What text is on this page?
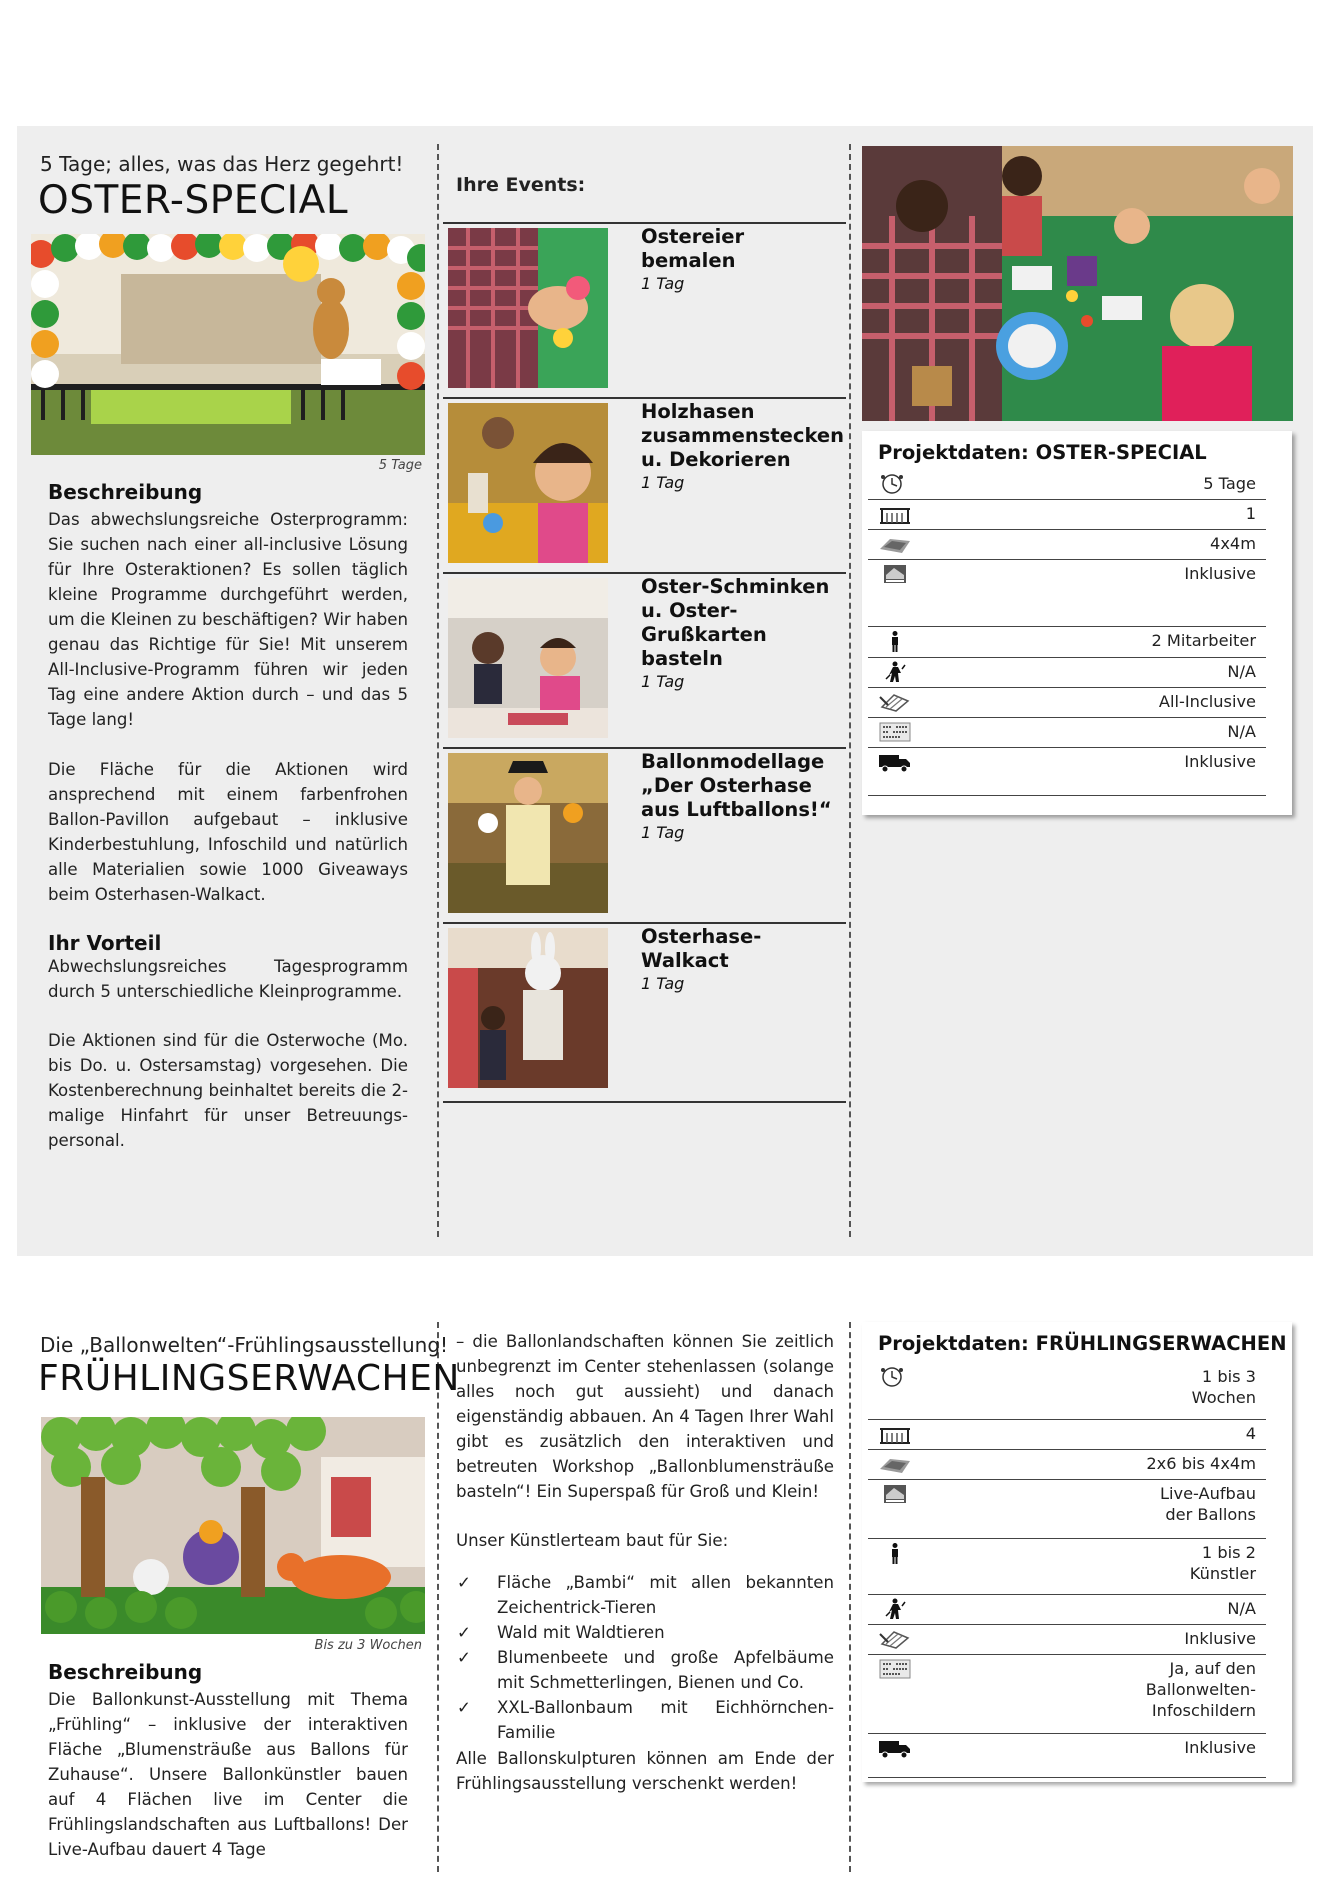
5 Tage; alles, was das Herz gegehrt!
OSTER-SPECIAL
5 Tage
Beschreibung
Das abwechslungsreiche Osterprogramm: Sie suchen nach einer all-inclusive Lösung für Ihre Osteraktionen? Es sollen täglich kleine Programme durchgeführt werden, um die Kleinen zu beschäftigen? Wir haben genau das Richtige für Sie! Mit unserem All-Inclusive-Programm führen wir jeden Tag eine andere Aktion durch – und das 5 Tage lang!
Die Fläche für die Aktionen wird ansprechend mit einem farbenfrohen Ballon-Pavillon aufgebaut – inklusive Kinderbestuhlung, Infoschild und natürlich alle Materialien sowie 1000 Giveaways beim Osterhasen-Walkact.
Ihr Vorteil
Abwechslungsreiches Tagesprogramm durch 5 unterschiedliche Kleinprogramme.
Die Aktionen sind für die Osterwoche (Mo. bis Do. u. Ostersamstag) vorgesehen. Die Kostenberechnung beinhaltet bereits die 2-malige Hinfahrt für unser Betreuungs-personal.
Ihre Events:
Ostereier bemalen
1 Tag
Holzhasen zusammenstecken u. Dekorieren
1 Tag
Oster-Schminken u. Oster-Grußkarten basteln
1 Tag
Ballonmodellage „Der Osterhase aus Luftballons!“
1 Tag
Osterhase-Walkact
1 Tag
Projektdaten: OSTER-SPECIAL
5 Tage
1
4x4m
Inklusive
2 Mitarbeiter
N/A
All-Inclusive
N/A
Inklusive
Die „Ballonwelten“-Frühlingsausstellung!
FRÜHLINGSERWACHEN
Bis zu 3 Wochen
Beschreibung
Die Ballonkunst-Ausstellung mit Thema „Frühling“ – inklusive der interaktiven Fläche „Blumensträuße aus Ballons für Zuhause“. Unsere Ballonkünstler bauen auf 4 Flächen live im Center die Frühlingslandschaften aus Luftballons! Der Live-Aufbau dauert 4 Tage
– die Ballonlandschaften können Sie zeitlich unbegrenzt im Center stehenlassen (solange alles noch gut aussieht) und danach eigenständig abbauen. An 4 Tagen Ihrer Wahl gibt es zusätzlich den interaktiven und betreuten Workshop „Ballonblumensträuße basteln“! Ein Superspaß für Groß und Klein!
Unser Künstlerteam baut für Sie:
✓ Fläche „Bambi“ mit allen bekannten Zeichentrick-Tieren
✓ Wald mit Waldtieren
✓ Blumenbeete und große Apfelbäume mit Schmetterlingen, Bienen und Co.
✓ XXL-Ballonbaum mit Eichhörnchen-Familie
Alle Ballonskulpturen können am Ende der Frühlingsausstellung verschenkt werden!
Projektdaten: FRÜHLINGSERWACHEN
1 bis 3 Wochen
4
2x6 bis 4x4m
Live-Aufbau der Ballons
1 bis 2 Künstler
N/A
Inklusive
Ja, auf den Ballonwelten-Infoschildern
Inklusive
